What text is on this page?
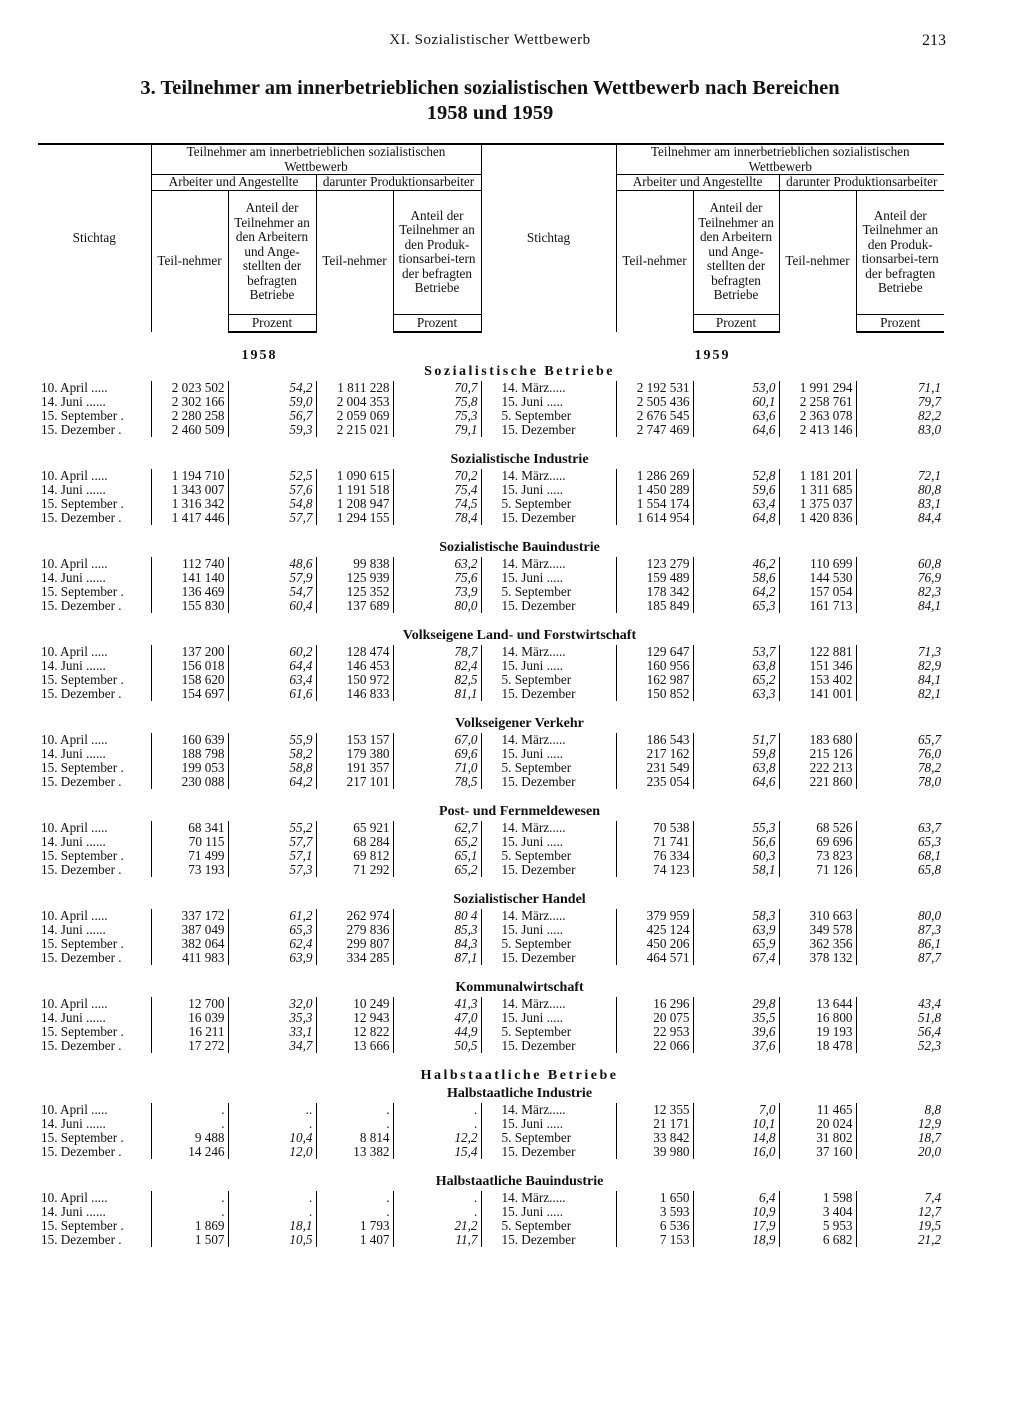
XI. Sozialistischer Wettbewerb	213
3. Teilnehmer am innerbetrieblichen sozialistischen Wettbewerb nach Bereichen
1958 und 1959
Stichtag	Teilnehmer am innerbetrieblichen sozialistischen Wettbewerb				Stichtag	Teilnehmer am innerbetrieblichen sozialistischen Wettbewerb			
	Arbeiter und Angestellte		darunter Produktionsarbeiter			Arbeiter und Angestellte		darunter Produktionsarbeiter	
	Teil-nehmer	Anteil der Teilnehmer an den Arbeitern und Ange-stellten der befragten Betriebe	Teil-nehmer	Anteil der Teilnehmer an den Produk-tionsarbei-tern der befragten Betriebe		Teil-nehmer	Anteil der Teilnehmer an den Arbeitern und Ange-stellten der befragten Betriebe	Teil-nehmer	Anteil der Teilnehmer an den Produk-tionsarbei-tern der befragten Betriebe
		Prozent		Prozent			Prozent		Prozent

1958					1959				
Sozialistische Betriebe									
10. April .....	2 023 502	54,2	1 811 228	70,7	14. März.....	2 192 531	53,0	1 991 294	71,1
14. Juni ......	2 302 166	59,0	2 004 353	75,8	15. Juni .....	2 505 436	60,1	2 258 761	79,7
15. September .	2 280 258	56,7	2 059 069	75,3	5. September	2 676 545	63,6	2 363 078	82,2
15. Dezember .	2 460 509	59,3	2 215 021	79,1	15. Dezember	2 747 469	64,6	2 413 146	83,0

Sozialistische Industrie									
10. April .....	1 194 710	52,5	1 090 615	70,2	14. März.....	1 286 269	52,8	1 181 201	72,1
14. Juni ......	1 343 007	57,6	1 191 518	75,4	15. Juni .....	1 450 289	59,6	1 311 685	80,8
15. September .	1 316 342	54,8	1 208 947	74,5	5. September	1 554 174	63,4	1 375 037	83,1
15. Dezember .	1 417 446	57,7	1 294 155	78,4	15. Dezember	1 614 954	64,8	1 420 836	84,4

Sozialistische Bauindustrie									
10. April .....	112 740	48,6	99 838	63,2	14. März.....	123 279	46,2	110 699	60,8
14. Juni ......	141 140	57,9	125 939	75,6	15. Juni .....	159 489	58,6	144 530	76,9
15. September .	136 469	54,7	125 352	73,9	5. September	178 342	64,2	157 054	82,3
15. Dezember .	155 830	60,4	137 689	80,0	15. Dezember	185 849	65,3	161 713	84,1

Volkseigene Land- und Forstwirtschaft									
10. April .....	137 200	60,2	128 474	78,7	14. März.....	129 647	53,7	122 881	71,3
14. Juni ......	156 018	64,4	146 453	82,4	15. Juni .....	160 956	63,8	151 346	82,9
15. September .	158 620	63,4	150 972	82,5	5. September	162 987	65,2	153 402	84,1
15. Dezember .	154 697	61,6	146 833	81,1	15. Dezember	150 852	63,3	141 001	82,1

Volkseigener Verkehr									
10. April .....	160 639	55,9	153 157	67,0	14. März.....	186 543	51,7	183 680	65,7
14. Juni ......	188 798	58,2	179 380	69,6	15. Juni .....	217 162	59,8	215 126	76,0
15. September .	199 053	58,8	191 357	71,0	5. September	231 549	63,8	222 213	78,2
15. Dezember .	230 088	64,2	217 101	78,5	15. Dezember	235 054	64,6	221 860	78,0

Post- und Fernmeldewesen									
10. April .....	68 341	55,2	65 921	62,7	14. März.....	70 538	55,3	68 526	63,7
14. Juni ......	70 115	57,7	68 284	65,2	15. Juni .....	71 741	56,6	69 696	65,3
15. September .	71 499	57,1	69 812	65,1	5. September	76 334	60,3	73 823	68,1
15. Dezember .	73 193	57,3	71 292	65,2	15. Dezember	74 123	58,1	71 126	65,8

Sozialistischer Handel									
10. April .....	337 172	61,2	262 974	80 4	14. März.....	379 959	58,3	310 663	80,0
14. Juni ......	387 049	65,3	279 836	85,3	15. Juni .....	425 124	63,9	349 578	87,3
15. September .	382 064	62,4	299 807	84,3	5. September	450 206	65,9	362 356	86,1
15. Dezember .	411 983	63,9	334 285	87,1	15. Dezember	464 571	67,4	378 132	87,7

Kommunalwirtschaft									
10. April .....	12 700	32,0	10 249	41,3	14. März.....	16 296	29,8	13 644	43,4
14. Juni ......	16 039	35,3	12 943	47,0	15. Juni .....	20 075	35,5	16 800	51,8
15. September .	16 211	33,1	12 822	44,9	5. September	22 953	39,6	19 193	56,4
15. Dezember .	17 272	34,7	13 666	50,5	15. Dezember	22 066	37,6	18 478	52,3

Halbstaatliche Betriebe									
Halbstaatliche Industrie									
10. April .....	.	..	.	.	14. März.....	12 355	7,0	11 465	8,8
14. Juni ......	.	.	.	.	15. Juni .....	21 171	10,1	20 024	12,9
15. September .	9 488	10,4	8 814	12,2	5. September	33 842	14,8	31 802	18,7
15. Dezember .	14 246	12,0	13 382	15,4	15. Dezember	39 980	16,0	37 160	20,0

Halbstaatliche Bauindustrie									
10. April .....	.	.	.	.	14. März.....	1 650	6,4	1 598	7,4
14. Juni ......	.	.	.	.	15. Juni .....	3 593	10,9	3 404	12,7
15. September .	1 869	18,1	1 793	21,2	5. September	6 536	17,9	5 953	19,5
15. Dezember .	1 507	10,5	1 407	11,7	15. Dezember	7 153	18,9	6 682	21,2
